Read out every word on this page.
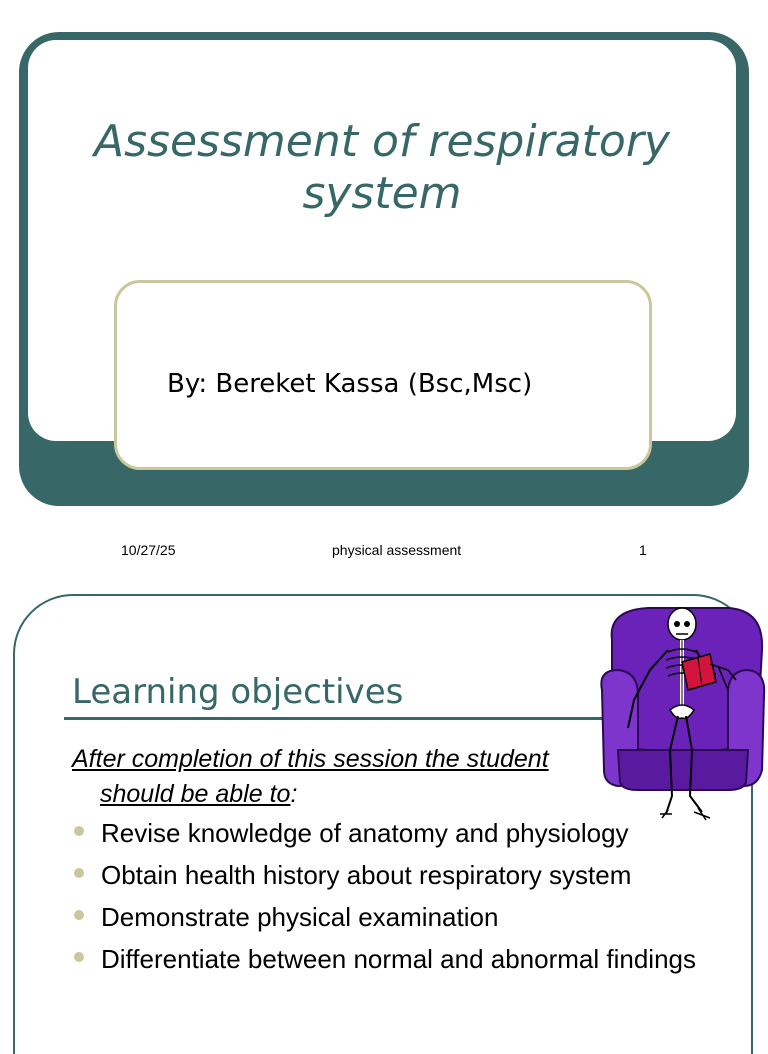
Assessment of respiratory system
By: Bereket Kassa (Bsc,Msc)
10/27/25	physical assessment	1
Learning objectives
After completion of this session the student
should be able to:
Revise knowledge of anatomy and physiology
Obtain health history about respiratory system
Demonstrate physical examination
Differentiate between normal and abnormal findings
